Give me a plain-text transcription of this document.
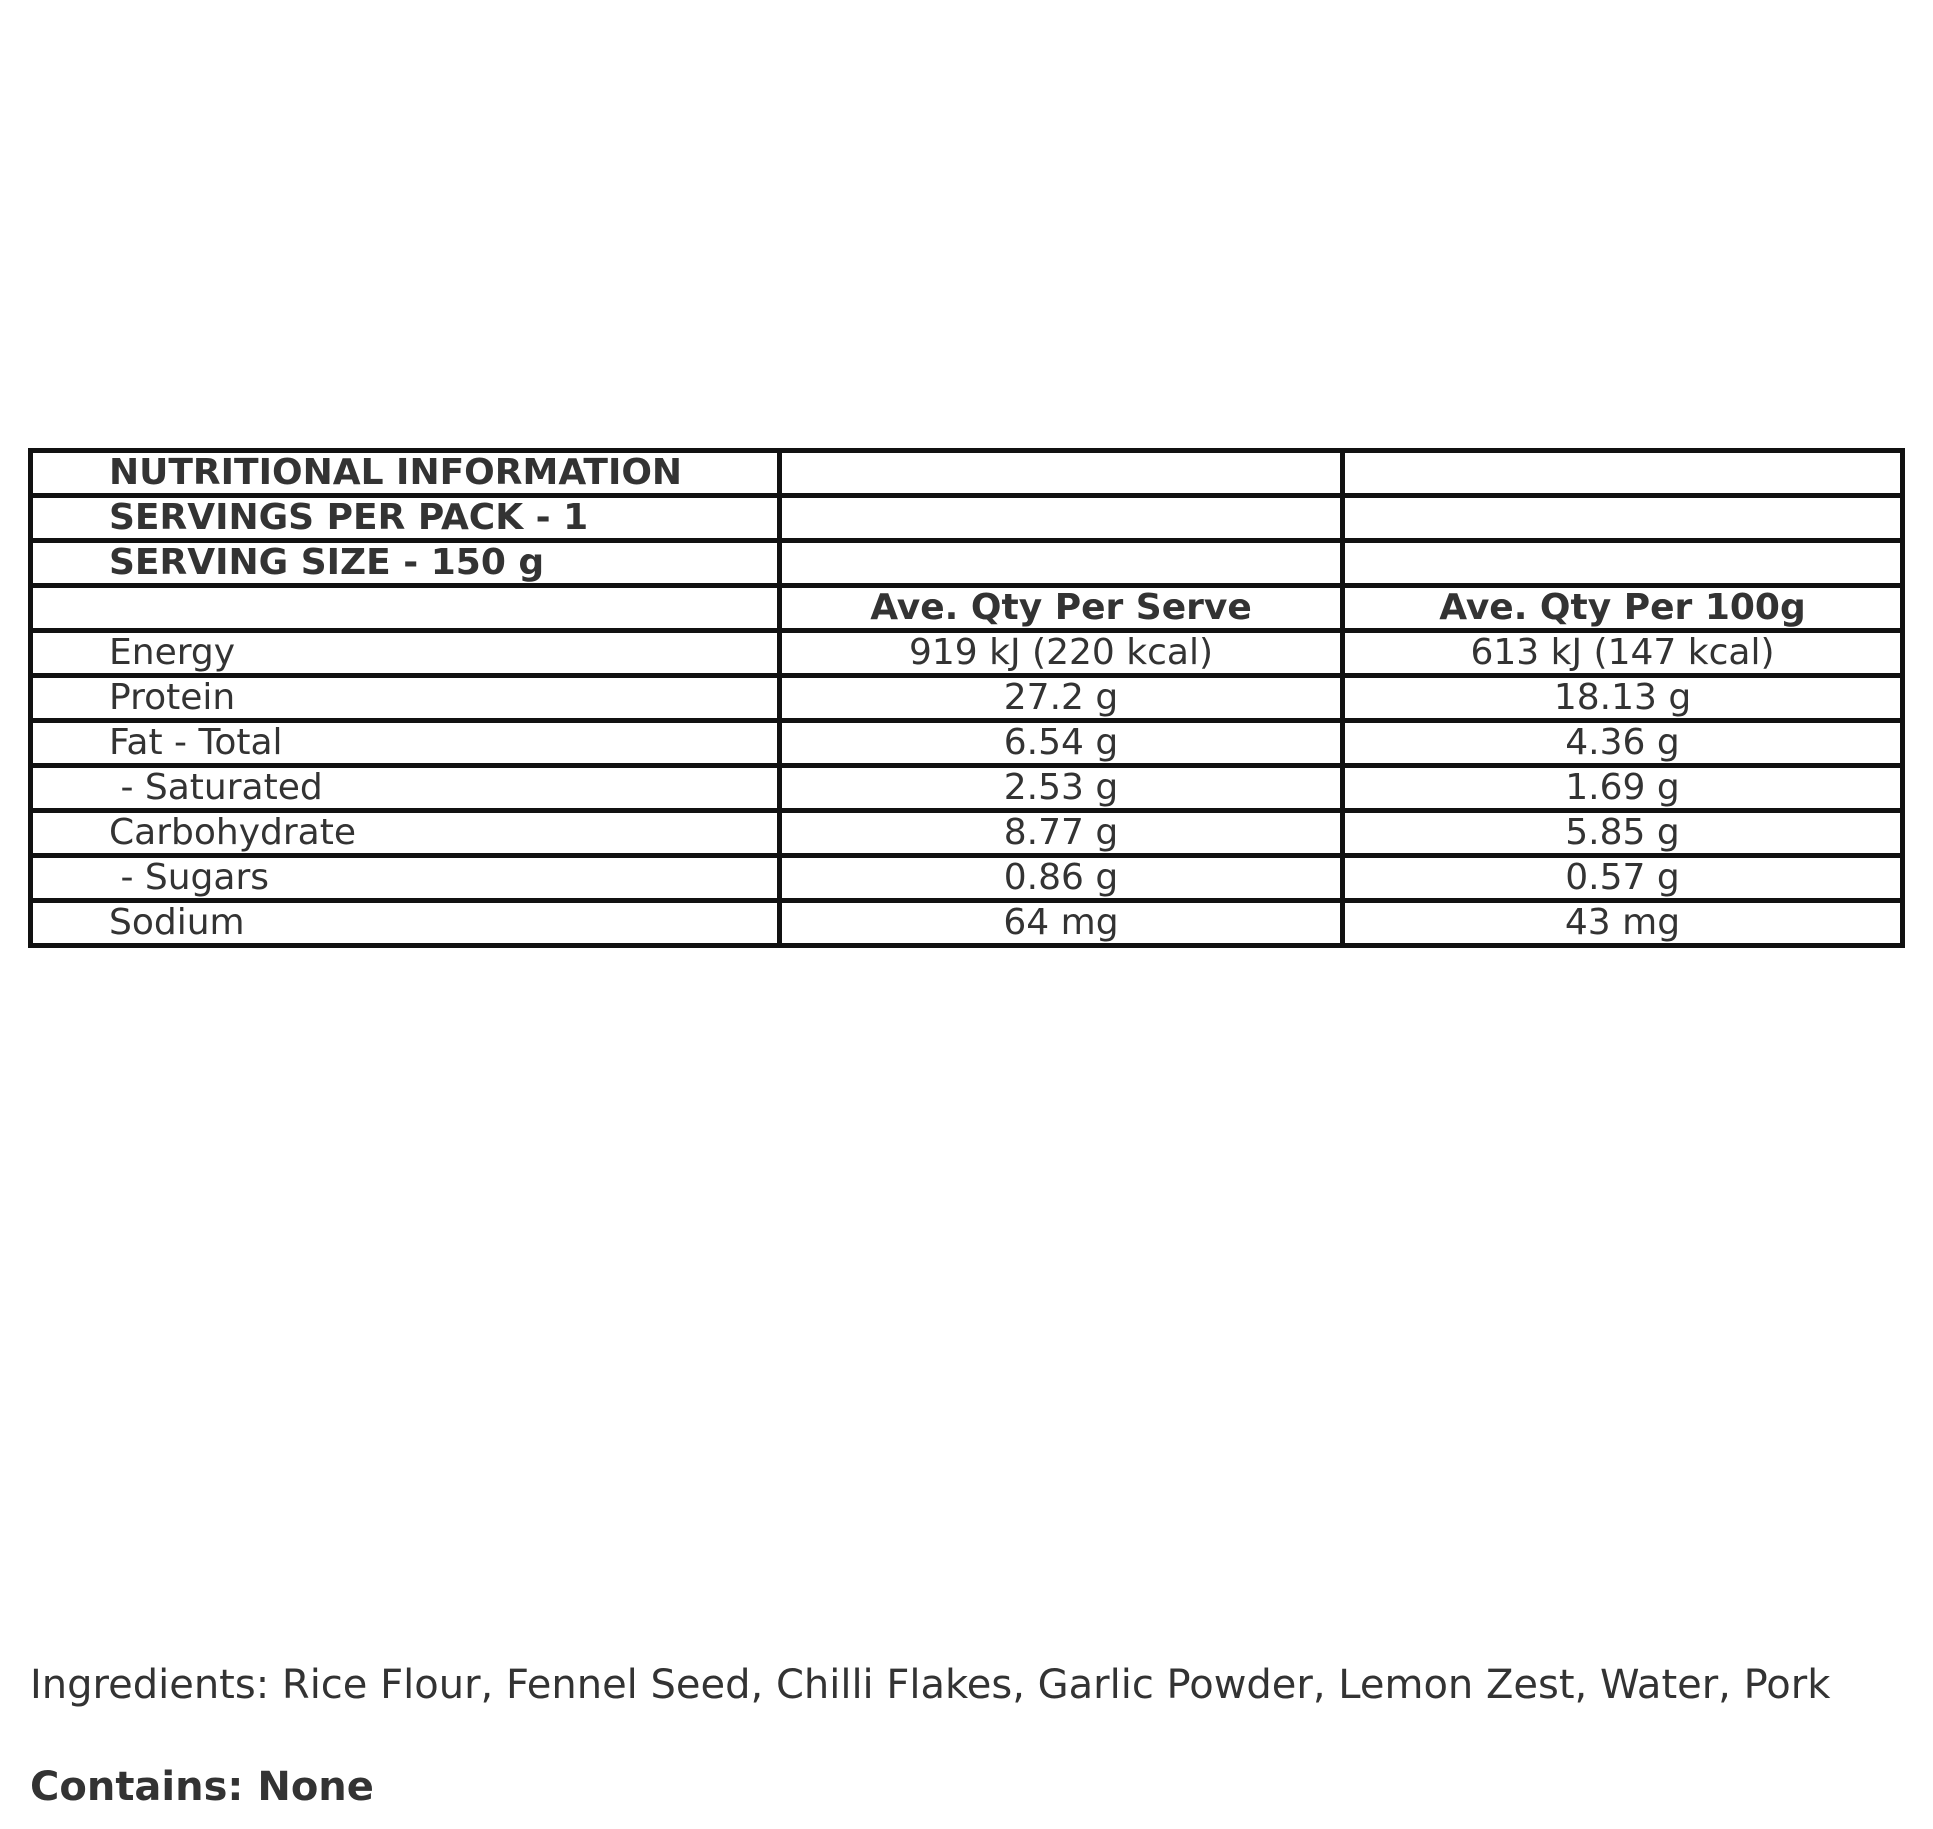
NUTRITIONAL INFORMATION		
SERVINGS PER PACK - 1		
SERVING SIZE - 150 g		
	Ave. Qty Per Serve	Ave. Qty Per 100g
Energy	919 kJ (220 kcal)	613 kJ (147 kcal)
Protein	27.2 g	18.13 g
Fat - Total	6.54 g	4.36 g
- Saturated	2.53 g	1.69 g
Carbohydrate	8.77 g	5.85 g
- Sugars	0.86 g	0.57 g
Sodium	64 mg	43 mg
Ingredients: Rice Flour, Fennel Seed, Chilli Flakes, Garlic Powder, Lemon Zest, Water, Pork
Contains: None
